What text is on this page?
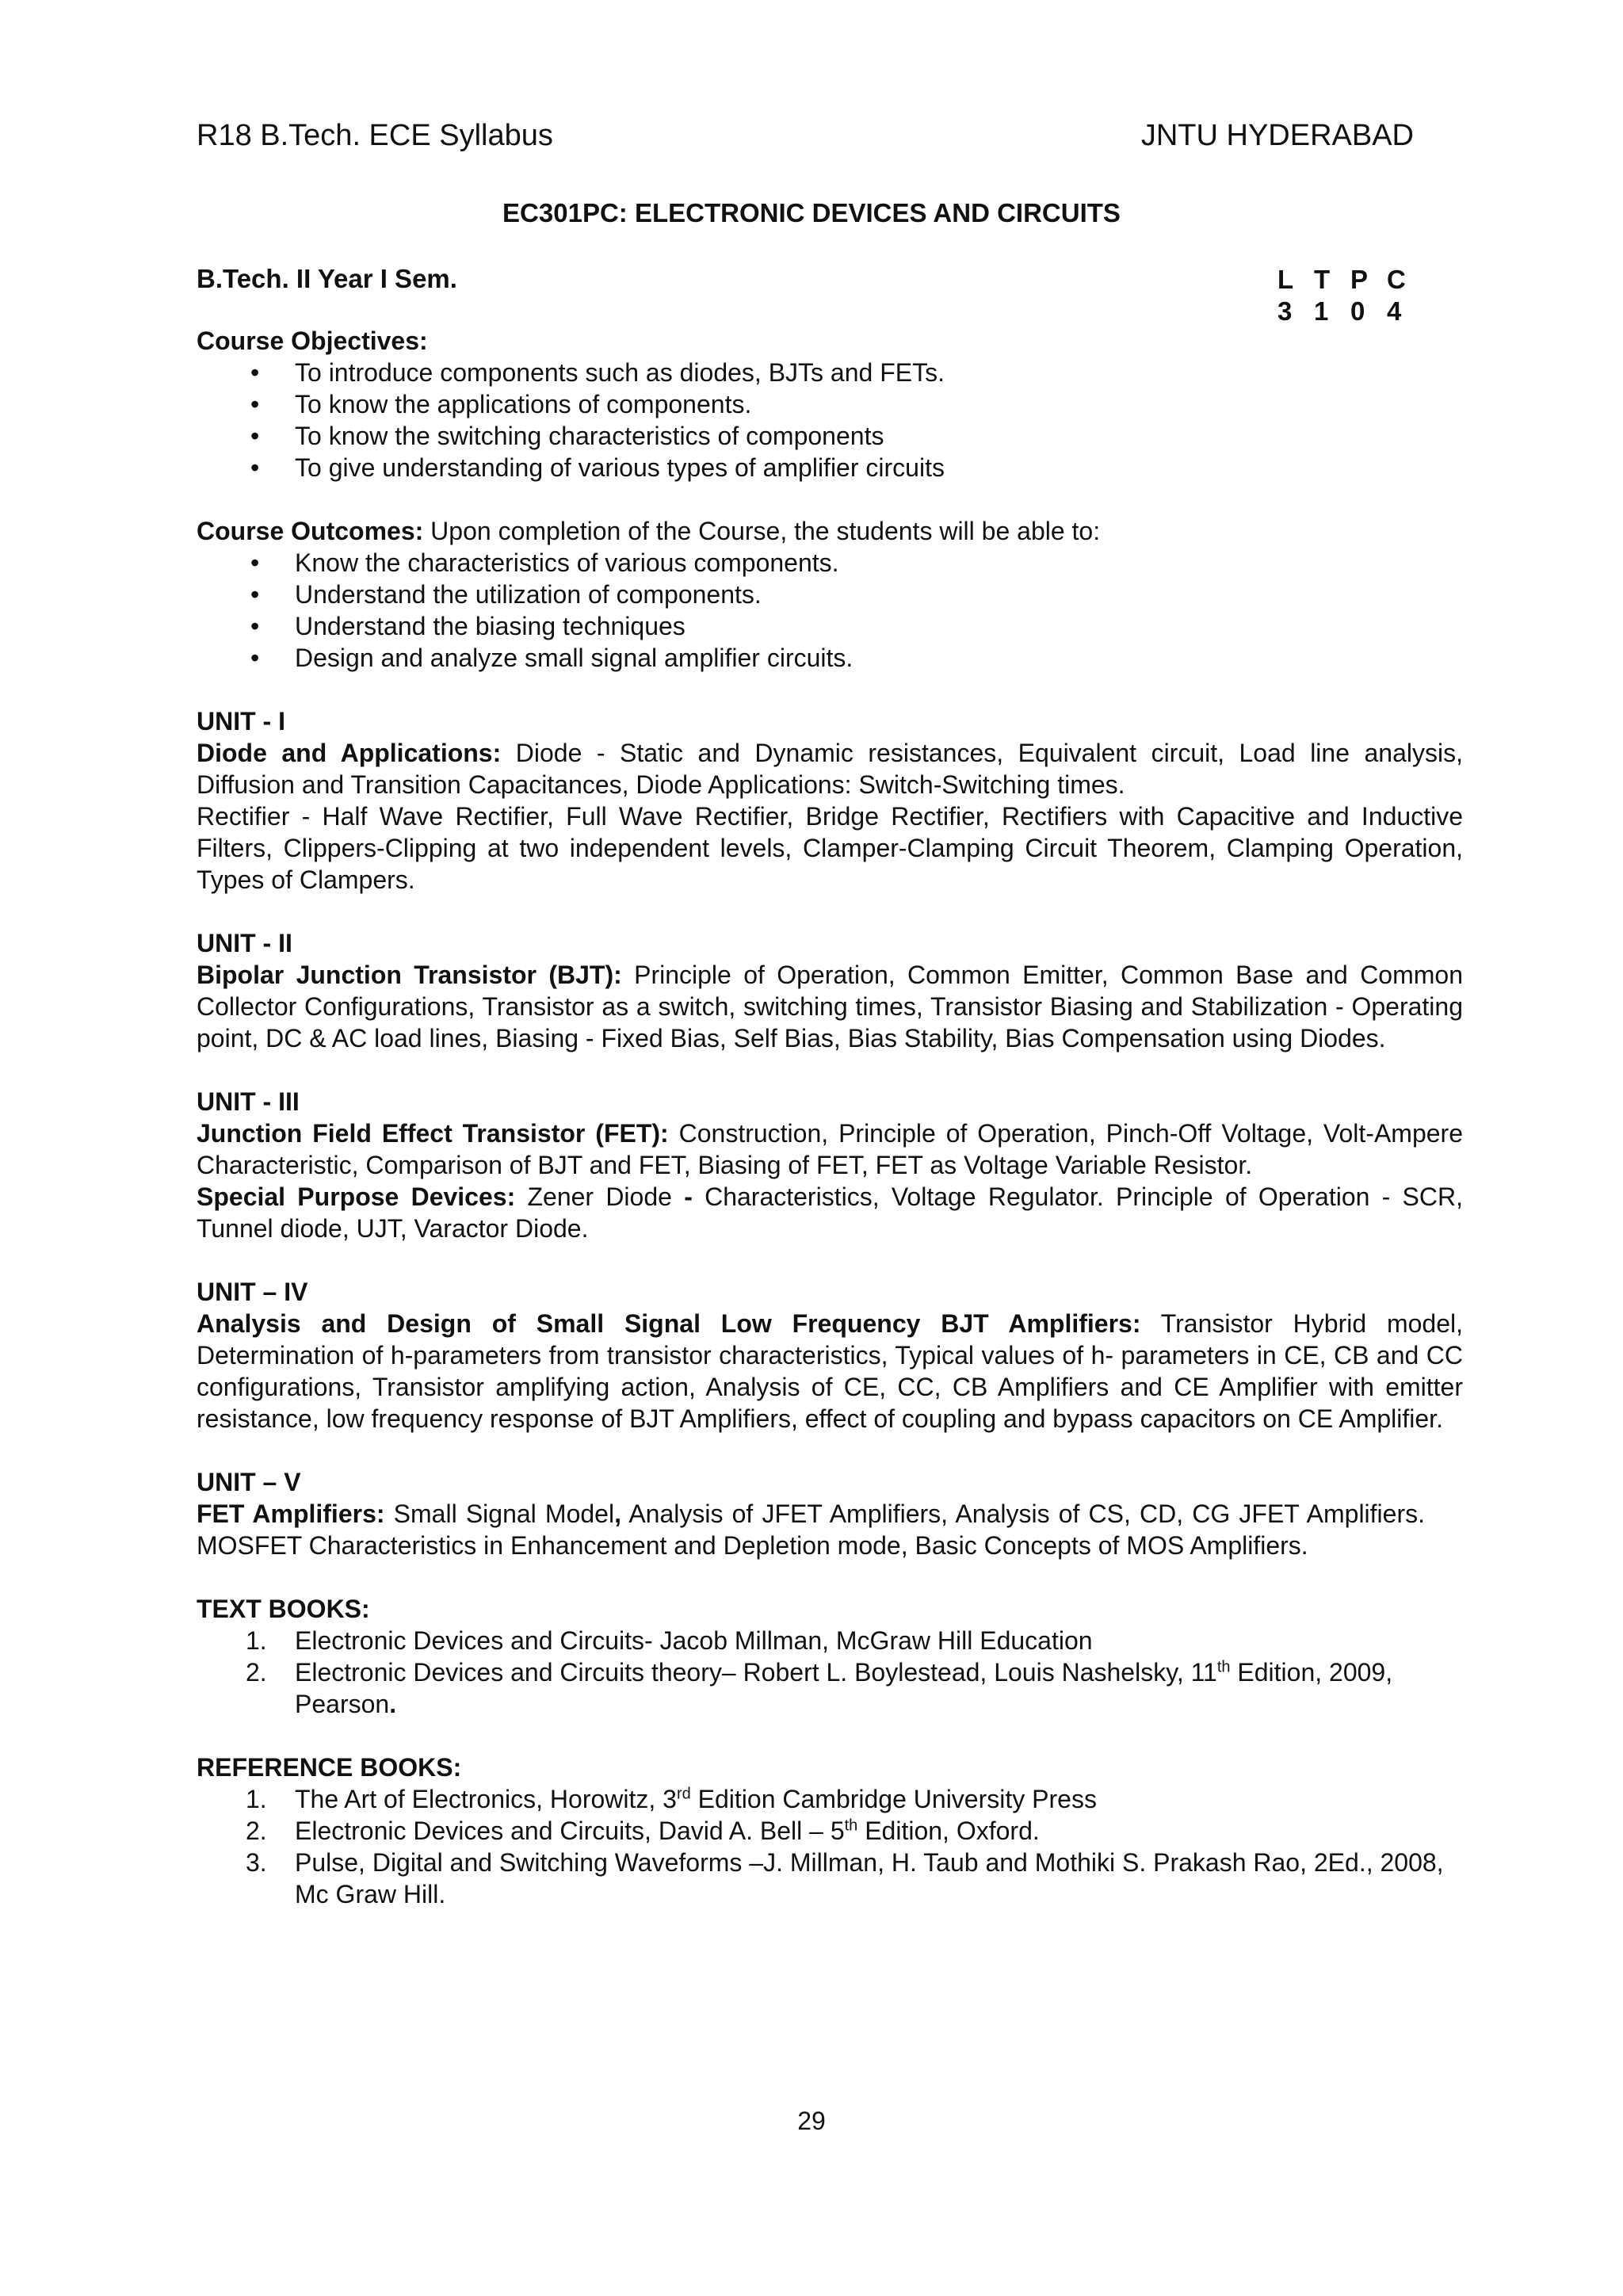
R18 B.Tech. ECE Syllabus	JNTU HYDERABAD
EC301PC: ELECTRONIC DEVICES AND CIRCUITS
B.Tech. II Year I Sem.	L T P C
3 1 0 4
Course Objectives:
• To introduce components such as diodes, BJTs and FETs.
• To know the applications of components.
• To know the switching characteristics of components
• To give understanding of various types of amplifier circuits
Course Outcomes: Upon completion of the Course, the students will be able to:
• Know the characteristics of various components.
• Understand the utilization of components.
• Understand the biasing techniques
• Design and analyze small signal amplifier circuits.
UNIT - I
Diode and Applications: Diode - Static and Dynamic resistances, Equivalent circuit, Load line analysis, Diffusion and Transition Capacitances, Diode Applications: Switch-Switching times.
Rectifier - Half Wave Rectifier, Full Wave Rectifier, Bridge Rectifier, Rectifiers with Capacitive and Inductive Filters, Clippers-Clipping at two independent levels, Clamper-Clamping Circuit Theorem, Clamping Operation, Types of Clampers.
UNIT - II
Bipolar Junction Transistor (BJT): Principle of Operation, Common Emitter, Common Base and Common Collector Configurations, Transistor as a switch, switching times, Transistor Biasing and Stabilization - Operating point, DC & AC load lines, Biasing - Fixed Bias, Self Bias, Bias Stability, Bias Compensation using Diodes.
UNIT - III
Junction Field Effect Transistor (FET): Construction, Principle of Operation, Pinch-Off Voltage, Volt-Ampere Characteristic, Comparison of BJT and FET, Biasing of FET, FET as Voltage Variable Resistor.
Special Purpose Devices: Zener Diode - Characteristics, Voltage Regulator. Principle of Operation - SCR, Tunnel diode, UJT, Varactor Diode.
UNIT – IV
Analysis and Design of Small Signal Low Frequency BJT Amplifiers: Transistor Hybrid model, Determination of h-parameters from transistor characteristics, Typical values of h- parameters in CE, CB and CC configurations, Transistor amplifying action, Analysis of CE, CC, CB Amplifiers and CE Amplifier with emitter resistance, low frequency response of BJT Amplifiers, effect of coupling and bypass capacitors on CE Amplifier.
UNIT – V
FET Amplifiers: Small Signal Model, Analysis of JFET Amplifiers, Analysis of CS, CD, CG JFET Amplifiers. MOSFET Characteristics in Enhancement and Depletion mode, Basic Concepts of MOS Amplifiers.
TEXT BOOKS:
1. Electronic Devices and Circuits- Jacob Millman, McGraw Hill Education
2. Electronic Devices and Circuits theory– Robert L. Boylestead, Louis Nashelsky, 11th Edition, 2009, Pearson.
REFERENCE BOOKS:
1. The Art of Electronics, Horowitz, 3rd Edition Cambridge University Press
2. Electronic Devices and Circuits, David A. Bell – 5th Edition, Oxford.
3. Pulse, Digital and Switching Waveforms –J. Millman, H. Taub and Mothiki S. Prakash Rao, 2Ed., 2008, Mc Graw Hill.
29
